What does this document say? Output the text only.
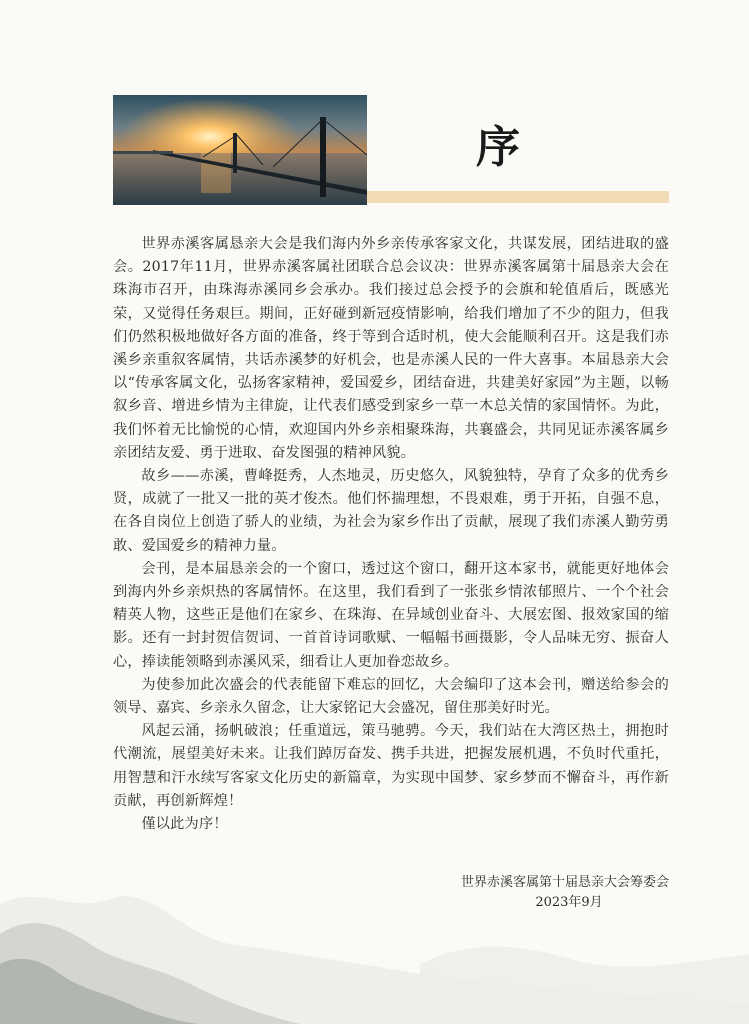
序

世界赤溪客属恳亲大会是我们海内外乡亲传承客家文化，共谋发展，团结进取的盛会。2017年11月，世界赤溪客属社团联合总会议决：世界赤溪客属第十届恳亲大会在珠海市召开，由珠海赤溪同乡会承办。我们接过总会授予的会旗和轮值盾后，既感光荣，又觉得任务艰巨。期间，正好碰到新冠疫情影响，给我们增加了不少的阻力，但我们仍然积极地做好各方面的准备，终于等到合适时机，使大会能顺利召开。这是我们赤溪乡亲重叙客属情，共话赤溪梦的好机会，也是赤溪人民的一件大喜事。本届恳亲大会以“传承客属文化，弘扬客家精神，爱国爱乡，团结奋进，共建美好家园”为主题，以畅叙乡音、增进乡情为主律旋，让代表们感受到家乡一草一木总关情的家国情怀。为此，我们怀着无比愉悦的心情，欢迎国内外乡亲相聚珠海，共襄盛会，共同见证赤溪客属乡亲团结友爱、勇于进取、奋发图强的精神风貌。

故乡——赤溪，曹峰挺秀，人杰地灵，历史悠久，风貌独特，孕育了众多的优秀乡贤，成就了一批又一批的英才俊杰。他们怀揣理想，不畏艰难，勇于开拓，自强不息，在各自岗位上创造了骄人的业绩，为社会为家乡作出了贡献，展现了我们赤溪人勤劳勇敢、爱国爱乡的精神力量。

会刊，是本届恳亲会的一个窗口，透过这个窗口，翻开这本家书，就能更好地体会到海内外乡亲炽热的客属情怀。在这里，我们看到了一张张乡情浓郁照片、一个个社会精英人物，这些正是他们在家乡、在珠海、在异域创业奋斗、大展宏图、报效家国的缩影。还有一封封贺信贺词、一首首诗词歌赋、一幅幅书画摄影，令人品味无穷、振奋人心，捧读能领略到赤溪风采，细看让人更加眷恋故乡。

为使参加此次盛会的代表能留下难忘的回忆，大会编印了这本会刊，赠送给参会的领导、嘉宾、乡亲永久留念，让大家铭记大会盛况，留住那美好时光。

风起云涌，扬帆破浪；任重道远，策马驰骋。今天，我们站在大湾区热土，拥抱时代潮流，展望美好未来。让我们踔厉奋发、携手共进，把握发展机遇，不负时代重托，用智慧和汗水续写客家文化历史的新篇章，为实现中国梦、家乡梦而不懈奋斗，再作新贡献，再创新辉煌！

僅以此为序！

世界赤溪客属第十届恳亲大会筹委会
2023年9月
